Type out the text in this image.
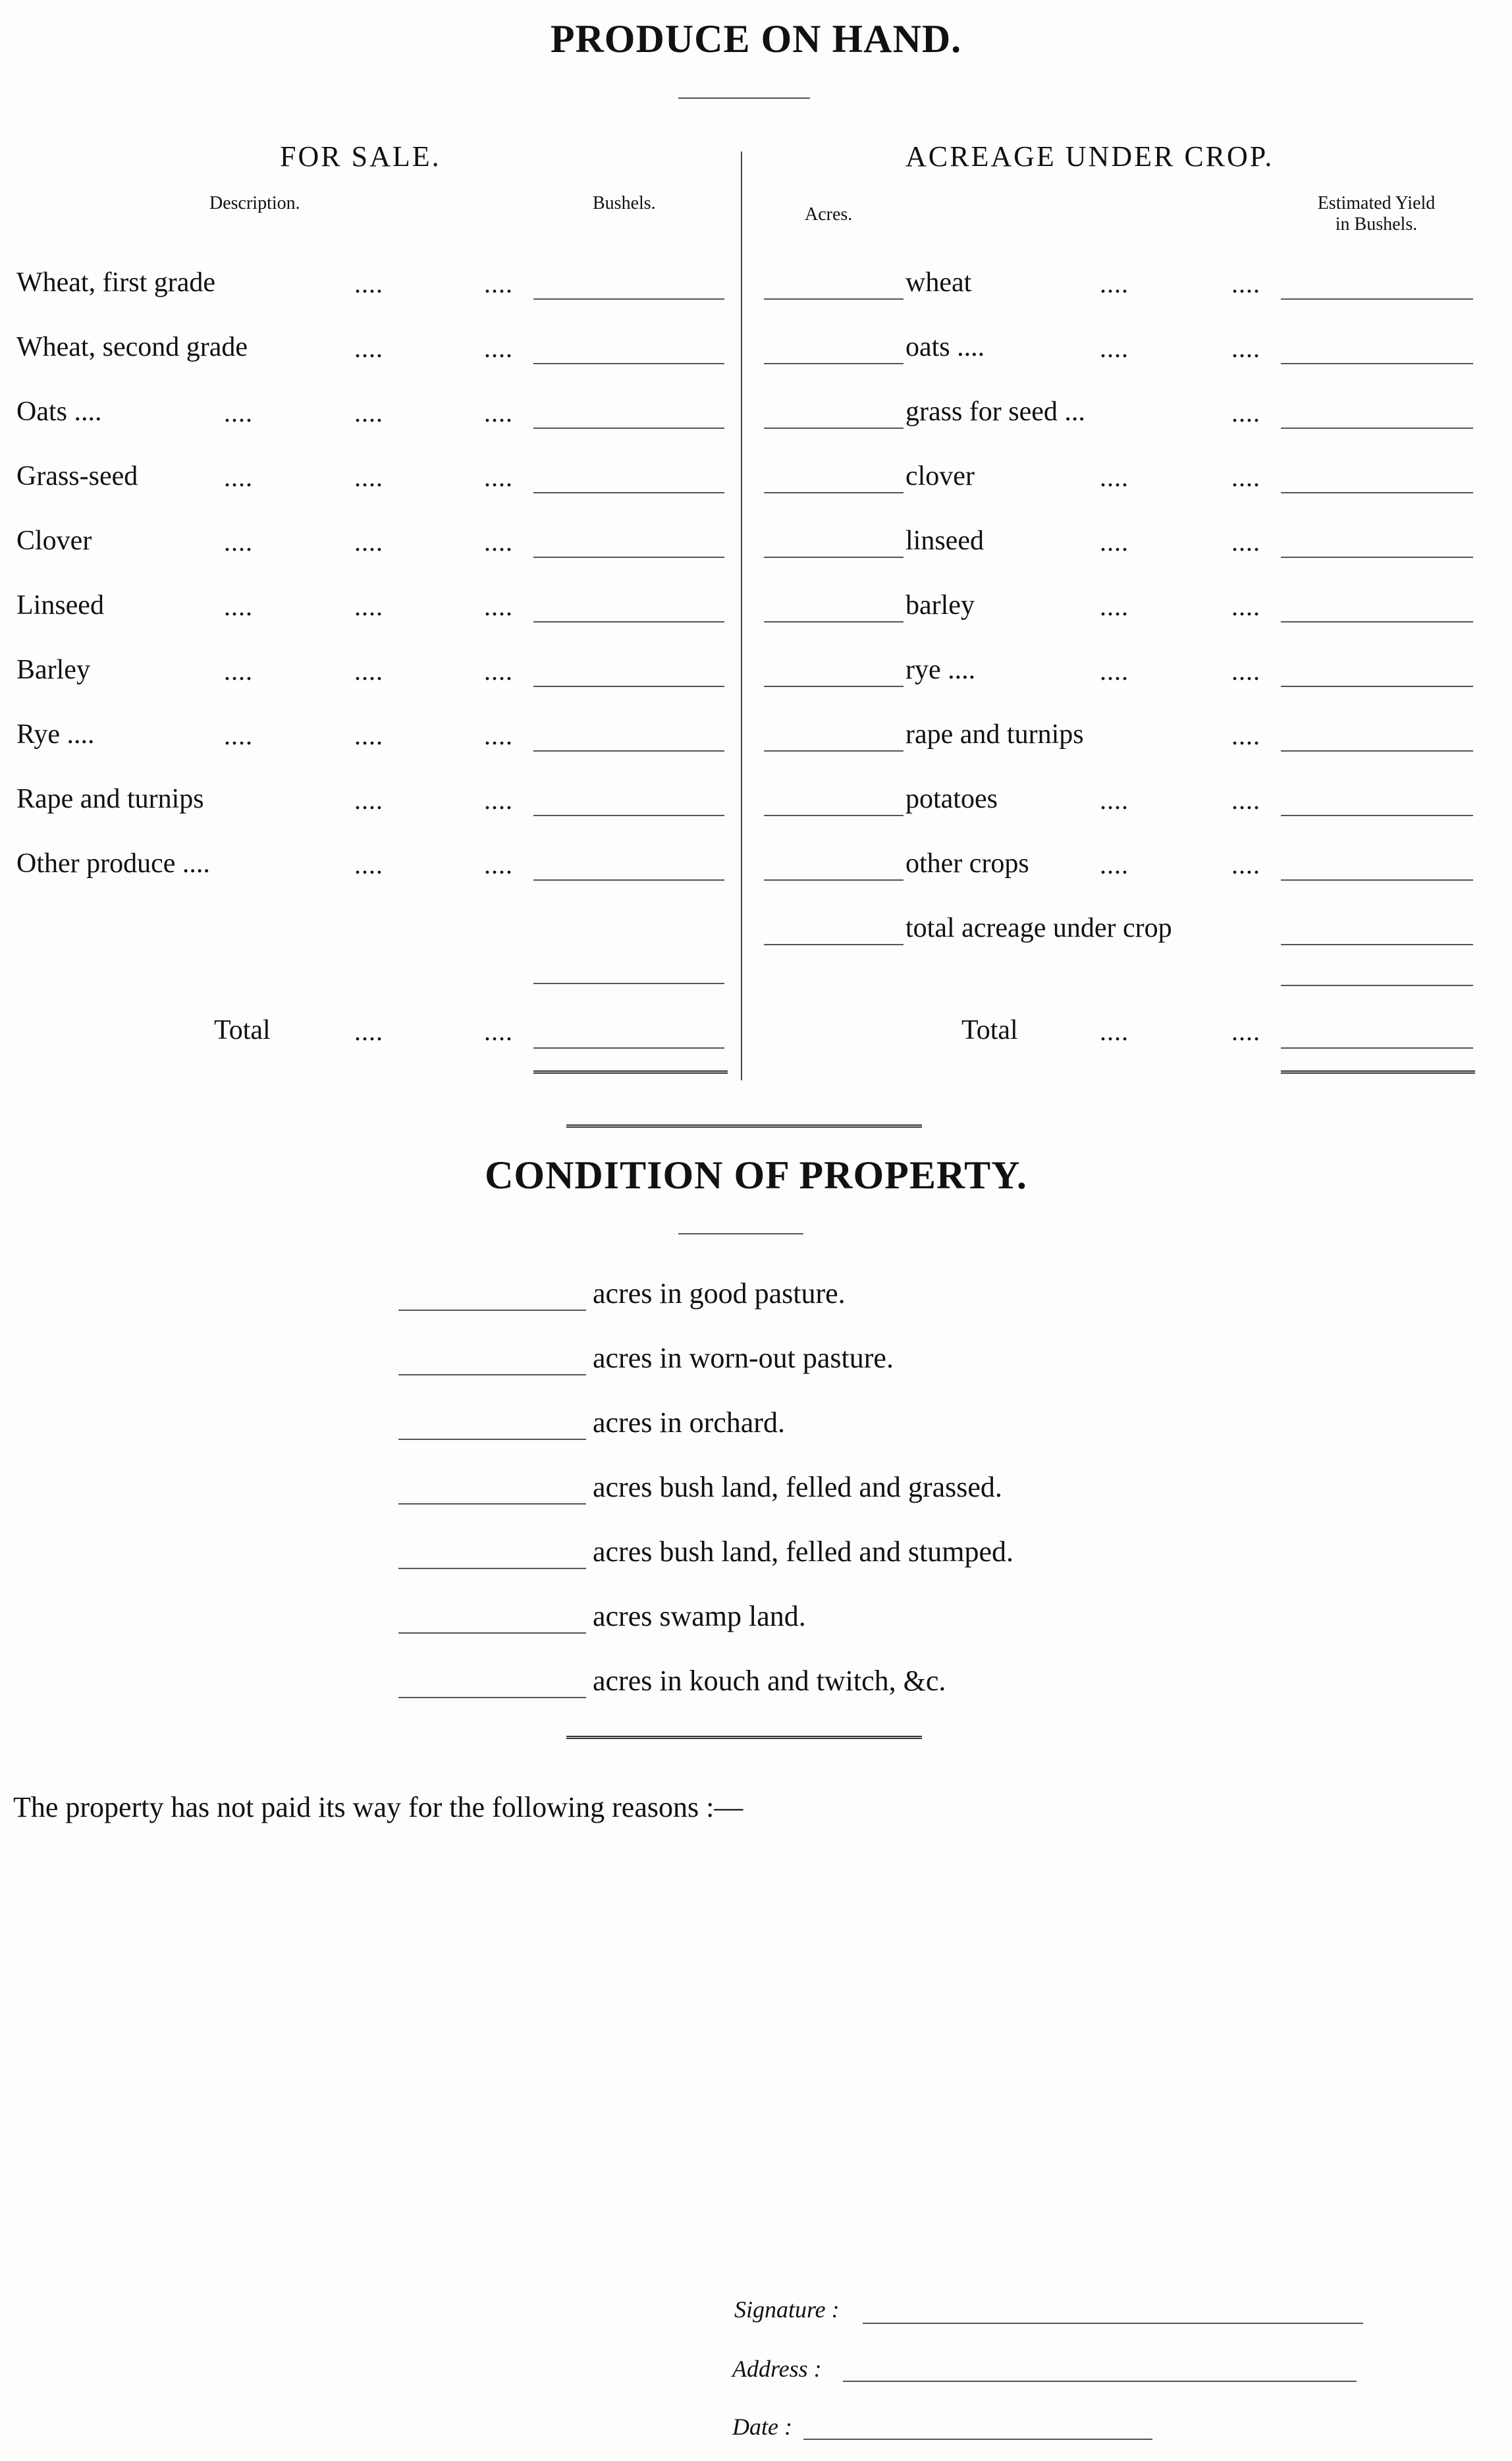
PRODUCE ON HAND.
FOR SALE.
Description.	Bushels.
ACREAGE UNDER CROP.
Acres.
Estimated Yield
in Bushels.
Wheat, first grade	....	....
Wheat, second grade	....	....
Oats ....	....	....	....
Grass-seed	....	....	....
Clover	....	....	....
Linseed	....	....	....
Barley	....	....	....
Rye ....	....	....	....
Rape and turnips	....	....
Other produce ....	....	....
wheat	....	....
oats ....	....	....
grass for seed ...	....
clover	....	....
linseed	....	....
barley	....	....
rye ....	....	....
rape and turnips	....
potatoes	....	....
other crops	....	....
total acreage under crop
Total	....	....	Total	....	....
CONDITION OF PROPERTY.
acres in good pasture.
acres in worn-out pasture.
acres in orchard.
acres bush land, felled and grassed.
acres bush land, felled and stumped.
acres swamp land.
acres in kouch and twitch, &c.
The property has not paid its way for the following reasons :—
Signature :
Address :
Date :
